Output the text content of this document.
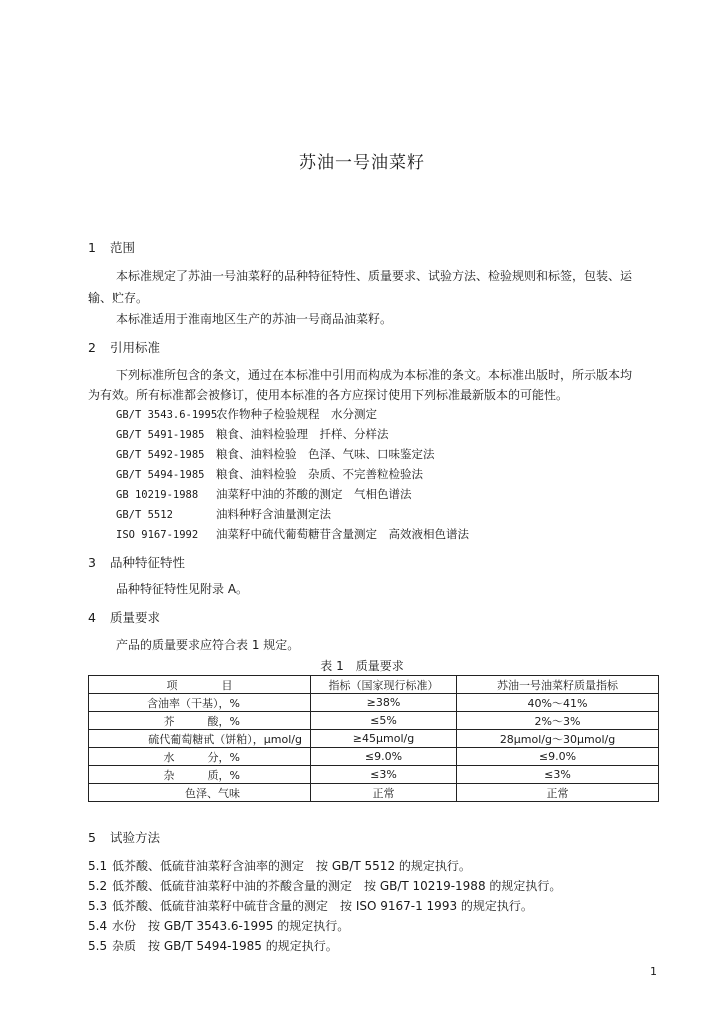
苏油一号油菜籽
1 范围
本标准规定了苏油一号油菜籽的品种特征特性、质量要求、试验方法、检验规则和标签，包装、运
输、贮存。
本标准适用于淮南地区生产的苏油一号商品油菜籽。
2 引用标准
下列标准所包含的条文，通过在本标准中引用而构成为本标准的条文。本标准出版时，所示版本均
为有效。所有标准都会被修订，使用本标准的各方应探讨使用下列标准最新版本的可能性。
GB/T 3543.6-1995农作物种子检验规程　水分测定
GB/T 5491-1985 粮食、油料检验理　扦样、分样法
GB/T 5492-1985 粮食、油料检验　色泽、气味、口味鉴定法
GB/T 5494-1985 粮食、油料检验　杂质、不完善粒检验法
GB 10219-1988 油菜籽中油的芥酸的测定　气相色谱法
GB/T 5512	油料种籽含油量测定法
ISO 9167-1992 油菜籽中硫代葡萄糖苷含量测定　高效液相色谱法
3 品种特征特性
品种特征特性见附录 A。
4 质量要求
产品的质量要求应符合表 1 规定。
表 1　质量要求
项　　　　目	指标（国家现行标准）	苏油一号油菜籽质量指标
含油率（干基），%	≥38%	40%～41%
芥　　　酸，%	≤5%	2%～3%
硫代葡萄糖甙（饼粕），μmol/g	≥45μmol/g	28μmol/g～30μmol/g
水　　　分，%	≤9.0%	≤9.0%
杂　　　质，%	≤3%	≤3%
色泽、气味	正常	正常
5 试验方法
5.1 低芥酸、低硫苷油菜籽含油率的测定　按 GB/T 5512 的规定执行。
5.2 低芥酸、低硫苷油菜籽中油的芥酸含量的测定　按 GB/T 10219-1988 的规定执行。
5.3 低芥酸、低硫苷油菜籽中硫苷含量的测定　按 ISO 9167-1 1993 的规定执行。
5.4 水份　按 GB/T 3543.6-1995 的规定执行。
5.5 杂质　按 GB/T 5494-1985 的规定执行。
1
